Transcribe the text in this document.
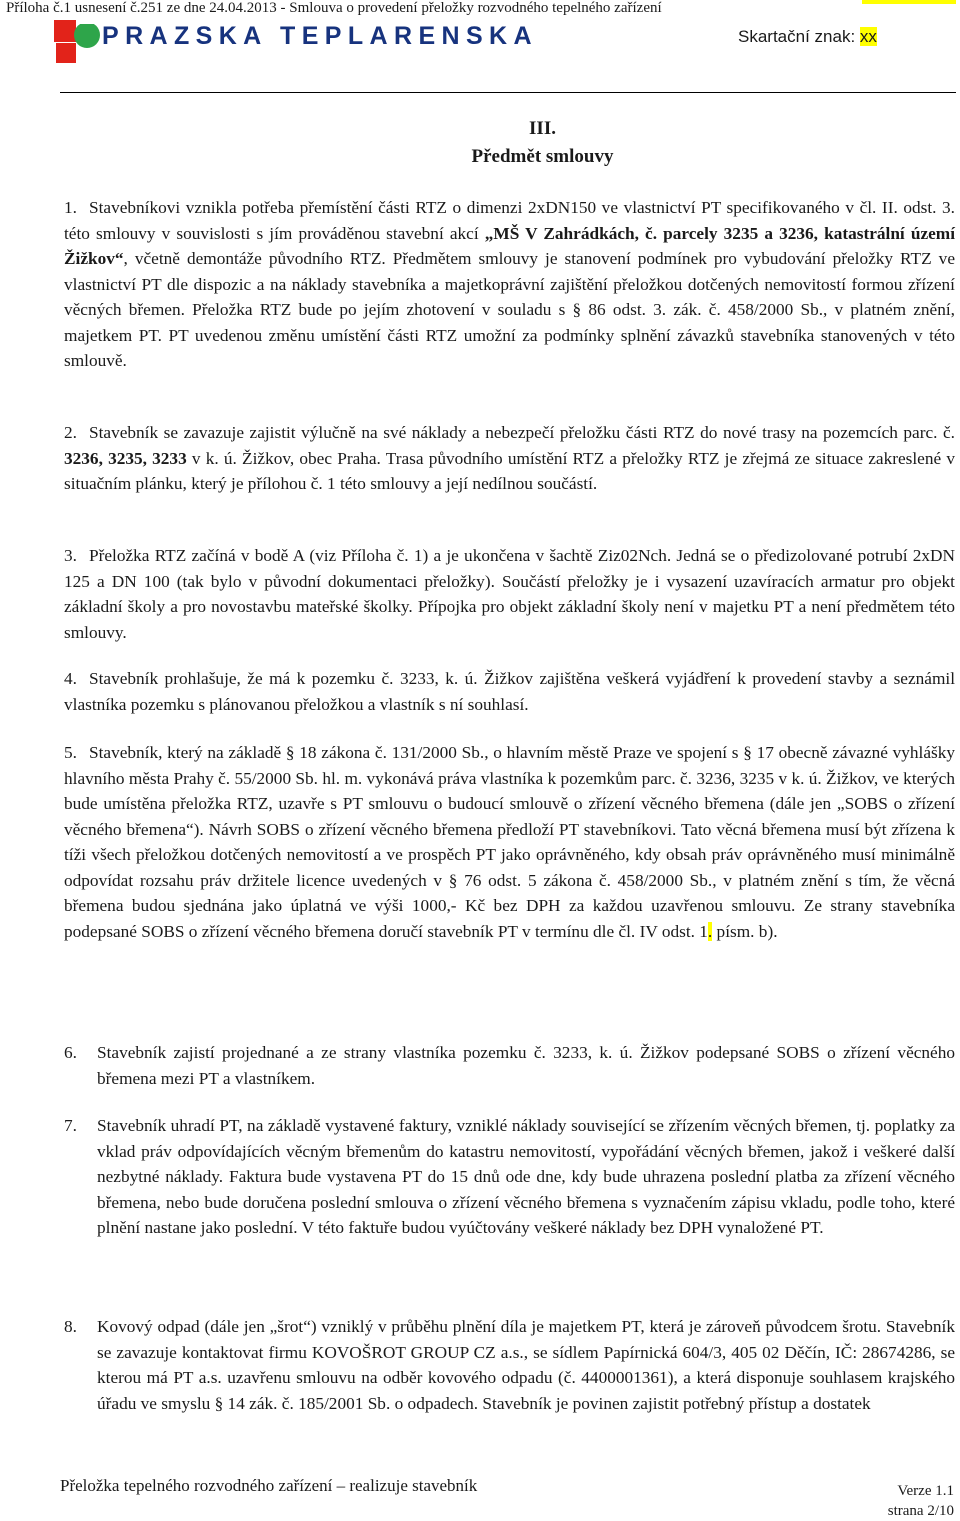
Příloha č.1 usnesení č.251 ze dne 24.04.2013 - Smlouva o provedení přeložky rozvodného tepelného zařízení
PRAZSKA TEPLARENSKA	Skartační znak: xx
III.
Předmět smlouvy
1. Stavebníkovi vznikla potřeba přemístění části RTZ o dimenzi 2xDN150 ve vlastnictví PT specifikovaného v čl. II. odst. 3. této smlouvy v souvislosti s jím prováděnou stavební akcí „MŠ V Zahrádkách, č. parcely 3235 a 3236, katastrální území Žižkov“, včetně demontáže původního RTZ. Předmětem smlouvy je stanovení podmínek pro vybudování přeložky RTZ ve vlastnictví PT dle dispozic a na náklady stavebníka a majetkoprávní zajištění přeložkou dotčených nemovitostí formou zřízení věcných břemen. Přeložka RTZ bude po jejím zhotovení v souladu s § 86 odst. 3. zák. č. 458/2000 Sb., v platném znění, majetkem PT. PT uvedenou změnu umístění části RTZ umožní za podmínky splnění závazků stavebníka stanovených v této smlouvě.
2. Stavebník se zavazuje zajistit výlučně na své náklady a nebezpečí přeložku části RTZ do nové trasy na pozemcích parc. č. 3236, 3235, 3233 v k. ú. Žižkov, obec Praha. Trasa původního umístění RTZ a přeložky RTZ je zřejmá ze situace zakreslené v situačním plánku, který je přílohou č. 1 této smlouvy a její nedílnou součástí.
3. Přeložka RTZ začíná v bodě A (viz Příloha č. 1) a je ukončena v šachtě Ziz02Nch. Jedná se o předizolované potrubí 2xDN 125 a DN 100 (tak bylo v původní dokumentaci přeložky). Součástí přeložky je i vysazení uzavíracích armatur pro objekt základní školy a pro novostavbu mateřské školky. Přípojka pro objekt základní školy není v majetku PT a není předmětem této smlouvy.
4. Stavebník prohlašuje, že má k pozemku č. 3233, k. ú. Žižkov zajištěna veškerá vyjádření k provedení stavby a seznámil vlastníka pozemku s plánovanou přeložkou a vlastník s ní souhlasí.
5. Stavebník, který na základě § 18 zákona č. 131/2000 Sb., o hlavním městě Praze ve spojení s § 17 obecně závazné vyhlášky hlavního města Prahy č. 55/2000 Sb. hl. m. vykonává práva vlastníka k pozemkům parc. č. 3236, 3235 v k. ú. Žižkov, ve kterých bude umístěna přeložka RTZ, uzavře s PT smlouvu o budoucí smlouvě o zřízení věcného břemena (dále jen „SOBS o zřízení věcného břemena“). Návrh SOBS o zřízení věcného břemena předloží PT stavebníkovi. Tato věcná břemena musí být zřízena k tíži všech přeložkou dotčených nemovitostí a ve prospěch PT jako oprávněného, kdy obsah práv oprávněného musí minimálně odpovídat rozsahu práv držitele licence uvedených v § 76 odst. 5 zákona č. 458/2000 Sb., v platném znění s tím, že věcná břemena budou sjednána jako úplatná ve výši 1000,- Kč bez DPH za každou uzavřenou smlouvu. Ze strany stavebníka podepsané SOBS o zřízení věcného břemena doručí stavebník PT v termínu dle čl. IV odst. 1. písm. b).
6. Stavebník zajistí projednané a ze strany vlastníka pozemku č. 3233, k. ú. Žižkov podepsané SOBS o zřízení věcného břemena mezi PT a vlastníkem.
7. Stavebník uhradí PT, na základě vystavené faktury, vzniklé náklady související se zřízením věcných břemen, tj. poplatky za vklad práv odpovídajících věcným břemenům do katastru nemovitostí, vypořádání věcných břemen, jakož i veškeré další nezbytné náklady. Faktura bude vystavena PT do 15 dnů ode dne, kdy bude uhrazena poslední platba za zřízení věcného břemena, nebo bude doručena poslední smlouva o zřízení věcného břemena s vyznačením zápisu vkladu, podle toho, které plnění nastane jako poslední. V této faktuře budou vyúčtovány veškeré náklady bez DPH vynaložené PT.
8. Kovový odpad (dále jen „šrot“) vzniklý v průběhu plnění díla je majetkem PT, která je zároveň původcem šrotu. Stavebník se zavazuje kontaktovat firmu KOVOŠROT GROUP CZ a.s., se sídlem Papírnická 604/3, 405 02 Děčín, IČ: 28674286, se kterou má PT a.s. uzavřenu smlouvu na odběr kovového odpadu (č. 4400001361), a která disponuje souhlasem krajského úřadu ve smyslu § 14 zák. č. 185/2001 Sb. o odpadech. Stavebník je povinen zajistit potřebný přístup a dostatek
Přeložka tepelného rozvodného zařízení – realizuje stavebník	Verze 1.1
strana 2/10
